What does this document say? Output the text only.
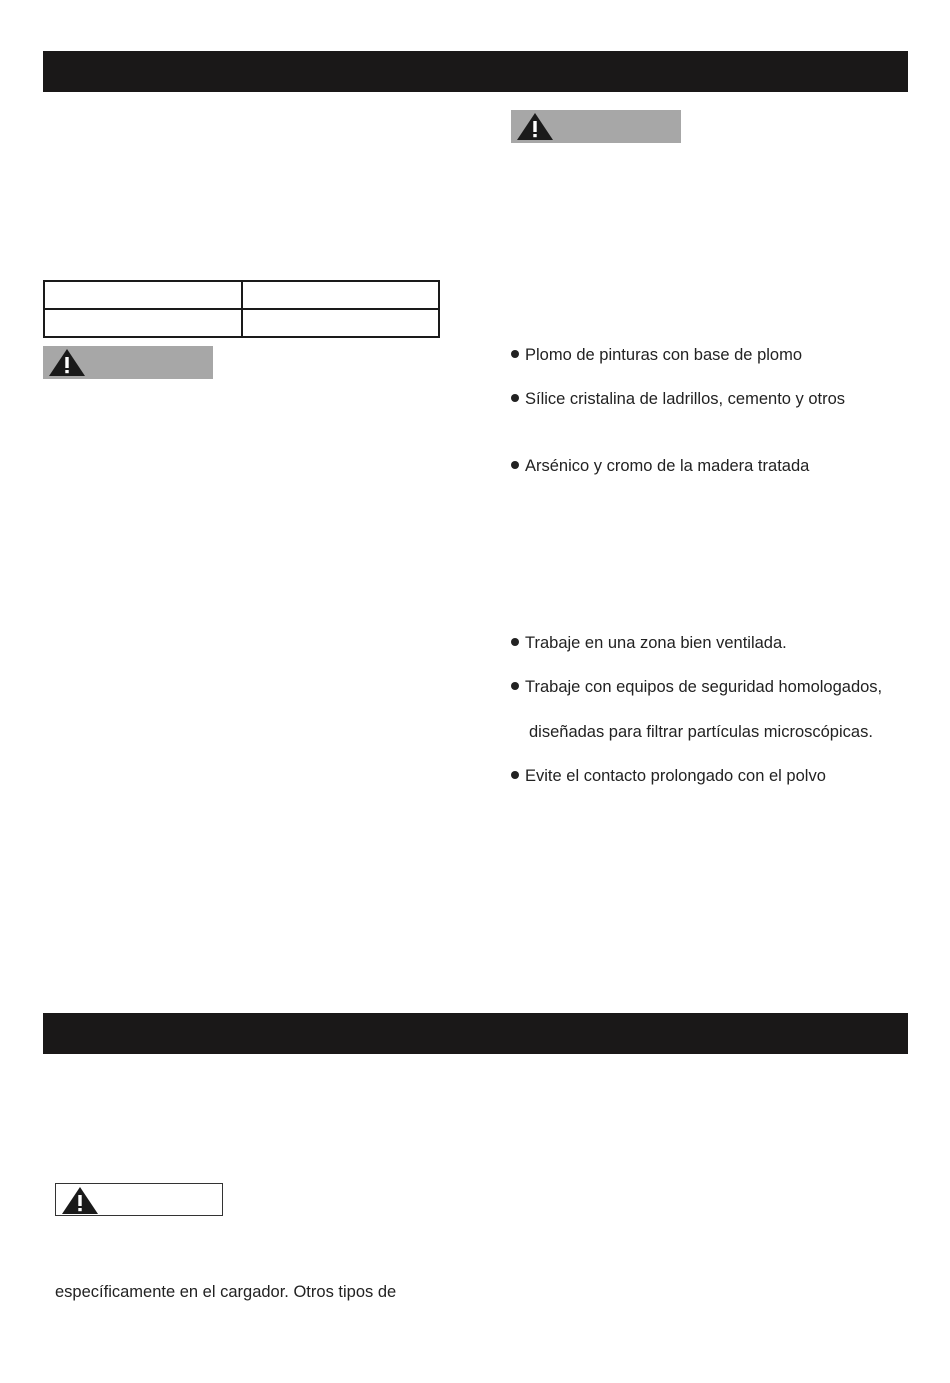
Plomo de pinturas con base de plomo
Sílice cristalina de ladrillos, cemento y otros
Arsénico y cromo de la madera tratada
Trabaje en una zona bien ventilada.
Trabaje con equipos de seguridad homologados,
diseñadas para filtrar partículas microscópicas.
Evite el contacto prolongado con el polvo
específicamente en el cargador. Otros tipos de
